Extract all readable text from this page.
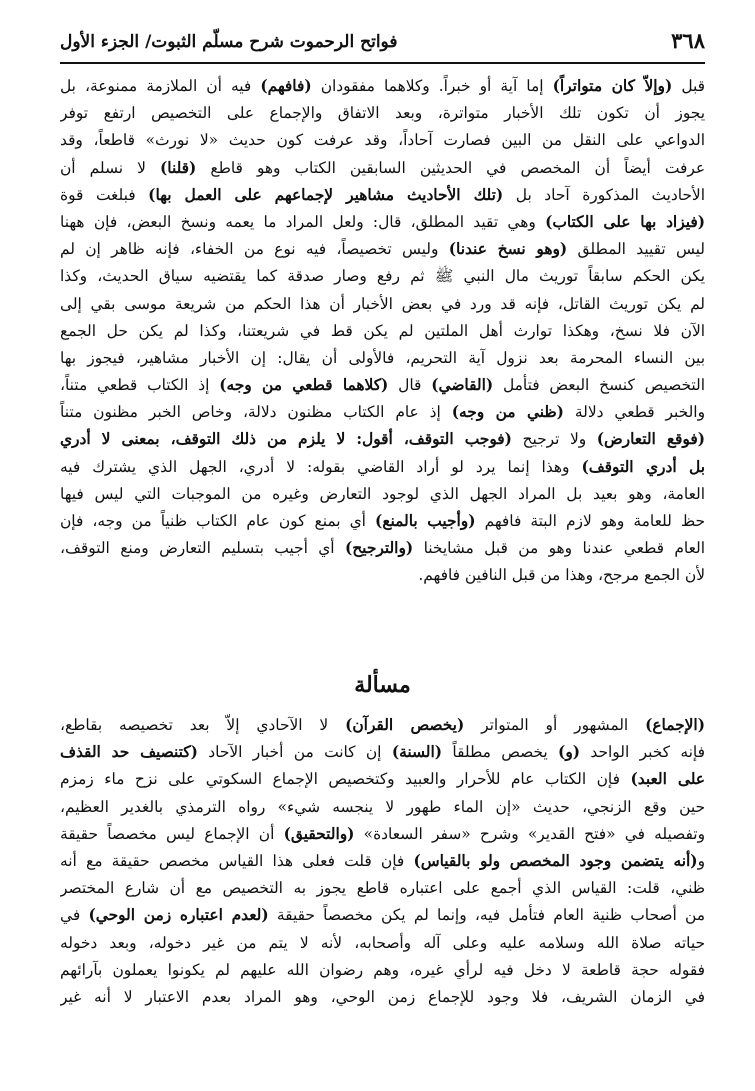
٣٦٨
فواتح الرحموت شرح مسلّم الثبوت/ الجزء الأول
قبل (وإلاّ كان متواتراً) إما آية أو خبراً. وكلاهما مفقودان (فافهم) فيه أن الملازمة ممنوعة، بل
يجوز أن تكون تلك الأخبار متواترة، وبعد الاتفاق والإجماع على التخصيص ارتفع توفر
الدواعي على النقل من البين فصارت آحاداً، وقد عرفت كون حديث «لا نورث» قاطعاً، وقد
عرفت أيضاً أن المخصص في الحديثين السابقين الكتاب وهو قاطع (قلنا) لا نسلم أن
الأحاديث المذكورة آحاد بل (تلك الأحاديث مشاهير لإجماعهم على العمل بها) فبلغت قوة
(فيزاد بها على الكتاب) وهي تقيد المطلق، قال: ولعل المراد ما يعمه ونسخ البعض، فإن ههنا
ليس تقييد المطلق (وهو نسخ عندنا) وليس تخصيصاً، فيه نوع من الخفاء، فإنه ظاهر إن لم
يكن الحكم سابقاً توريث مال النبي ﷺ ثم رفع وصار صدقة كما يقتضيه سياق الحديث، وكذا
لم يكن توريث القاتل، فإنه قد ورد في بعض الأخبار أن هذا الحكم من شريعة موسى بقي إلى
الآن فلا نسخ، وهكذا توارث أهل الملتين لم يكن قط في شريعتنا، وكذا لم يكن حل الجمع
بين النساء المحرمة بعد نزول آية التحريم، فالأولى أن يقال: إن الأخبار مشاهير، فيجوز بها
التخصيص كنسخ البعض فتأمل (القاضي) قال (كلاهما قطعي من وجه) إذ الكتاب قطعي متناً،
والخبر قطعي دلالة (ظني من وجه) إذ عام الكتاب مظنون دلالة، وخاص الخبر مظنون متناً
(فوقع التعارض) ولا ترجيح (فوجب التوقف، أقول: لا يلزم من ذلك التوقف، بمعنى لا أدري
بل أدري التوقف) وهذا إنما يرد لو أراد القاضي بقوله: لا أدري، الجهل الذي يشترك فيه
العامة، وهو بعيد بل المراد الجهل الذي لوجود التعارض وغيره من الموجبات التي ليس فيها
حظ للعامة وهو لازم البتة فافهم (وأجيب بالمنع) أي بمنع كون عام الكتاب ظنياً من وجه، فإن
العام قطعي عندنا وهو من قبل مشايخنا (والترجيح) أي أجيب بتسليم التعارض ومنع التوقف،
لأن الجمع مرجح، وهذا من قبل النافين فافهم.
مسألة
(الإجماع) المشهور أو المتواتر (يخصص القرآن) لا الآحادي إلاّ بعد تخصيصه بقاطع،
فإنه كخبر الواحد (و) يخصص مطلقاً (السنة) إن كانت من أخبار الآحاد (كتنصيف حد القذف
على العبد) فإن الكتاب عام للأحرار والعبيد وكتخصيص الإجماع السكوتي على نزح ماء زمزم
حين وقع الزنجي، حديث «إن الماء طهور لا ينجسه شيء» رواه الترمذي بالغدير العظيم،
وتفصيله في «فتح القدير» وشرح «سفر السعادة» (والتحقيق) أن الإجماع ليس مخصصاً حقيقة
و(أنه يتضمن وجود المخصص ولو بالقياس) فإن قلت فعلى هذا القياس مخصص حقيقة مع أنه
ظني، قلت: القياس الذي أجمع على اعتباره قاطع يجوز به التخصيص مع أن شارع المختصر
من أصحاب ظنية العام فتأمل فيه، وإنما لم يكن مخصصاً حقيقة (لعدم اعتباره زمن الوحي) في
حياته صلاة الله وسلامه عليه وعلى آله وأصحابه، لأنه لا يتم من غير دخوله، وبعد دخوله
فقوله حجة قاطعة لا دخل فيه لرأي غيره، وهم رضوان الله عليهم لم يكونوا يعملون بآرائهم
في الزمان الشريف، فلا وجود للإجماع زمن الوحي، وهو المراد بعدم الاعتبار لا أنه غير
